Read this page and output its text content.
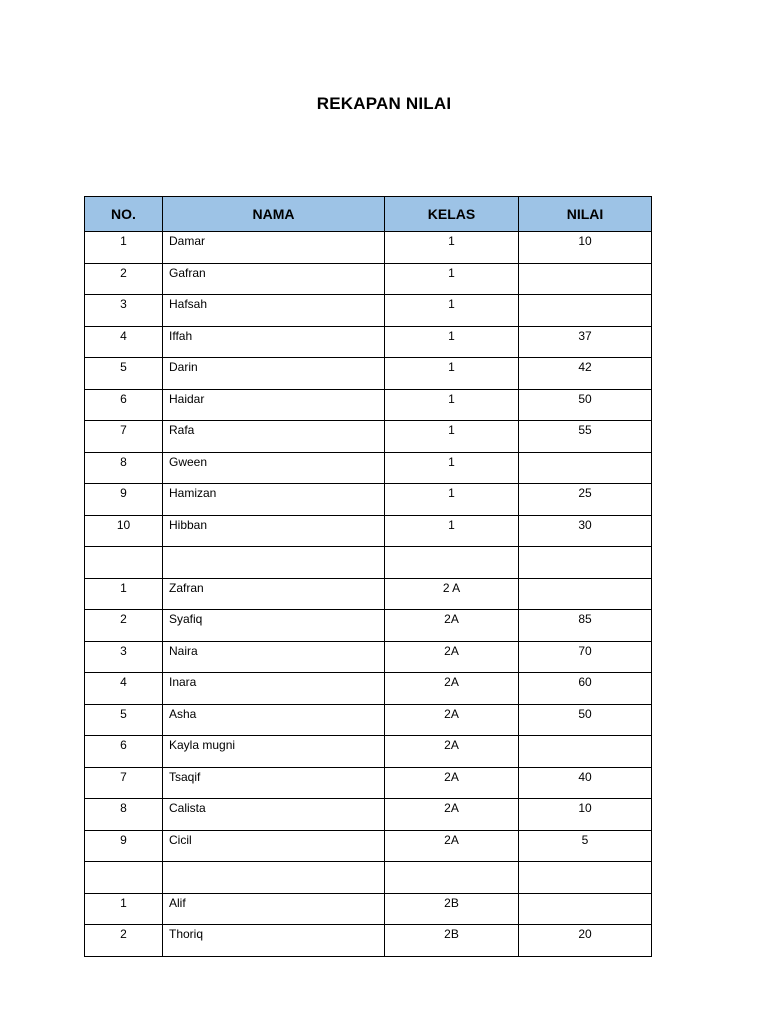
REKAPAN NILAI
NO.	NAMA	KELAS	NILAI
1	Damar	1	10
2	Gafran	1	
3	Hafsah	1	
4	Iffah	1	37
5	Darin	1	42
6	Haidar	1	50
7	Rafa	1	55
8	Gween	1	
9	Hamizan	1	25
10	Hibban	1	30

1	Zafran	2 A	
2	Syafiq	2A	85
3	Naira	2A	70
4	Inara	2A	60
5	Asha	2A	50
6	Kayla mugni	2A	
7	Tsaqif	2A	40
8	Calista	2A	10
9	Cicil	2A	5

1	Alif	2B	
2	Thoriq	2B	20
